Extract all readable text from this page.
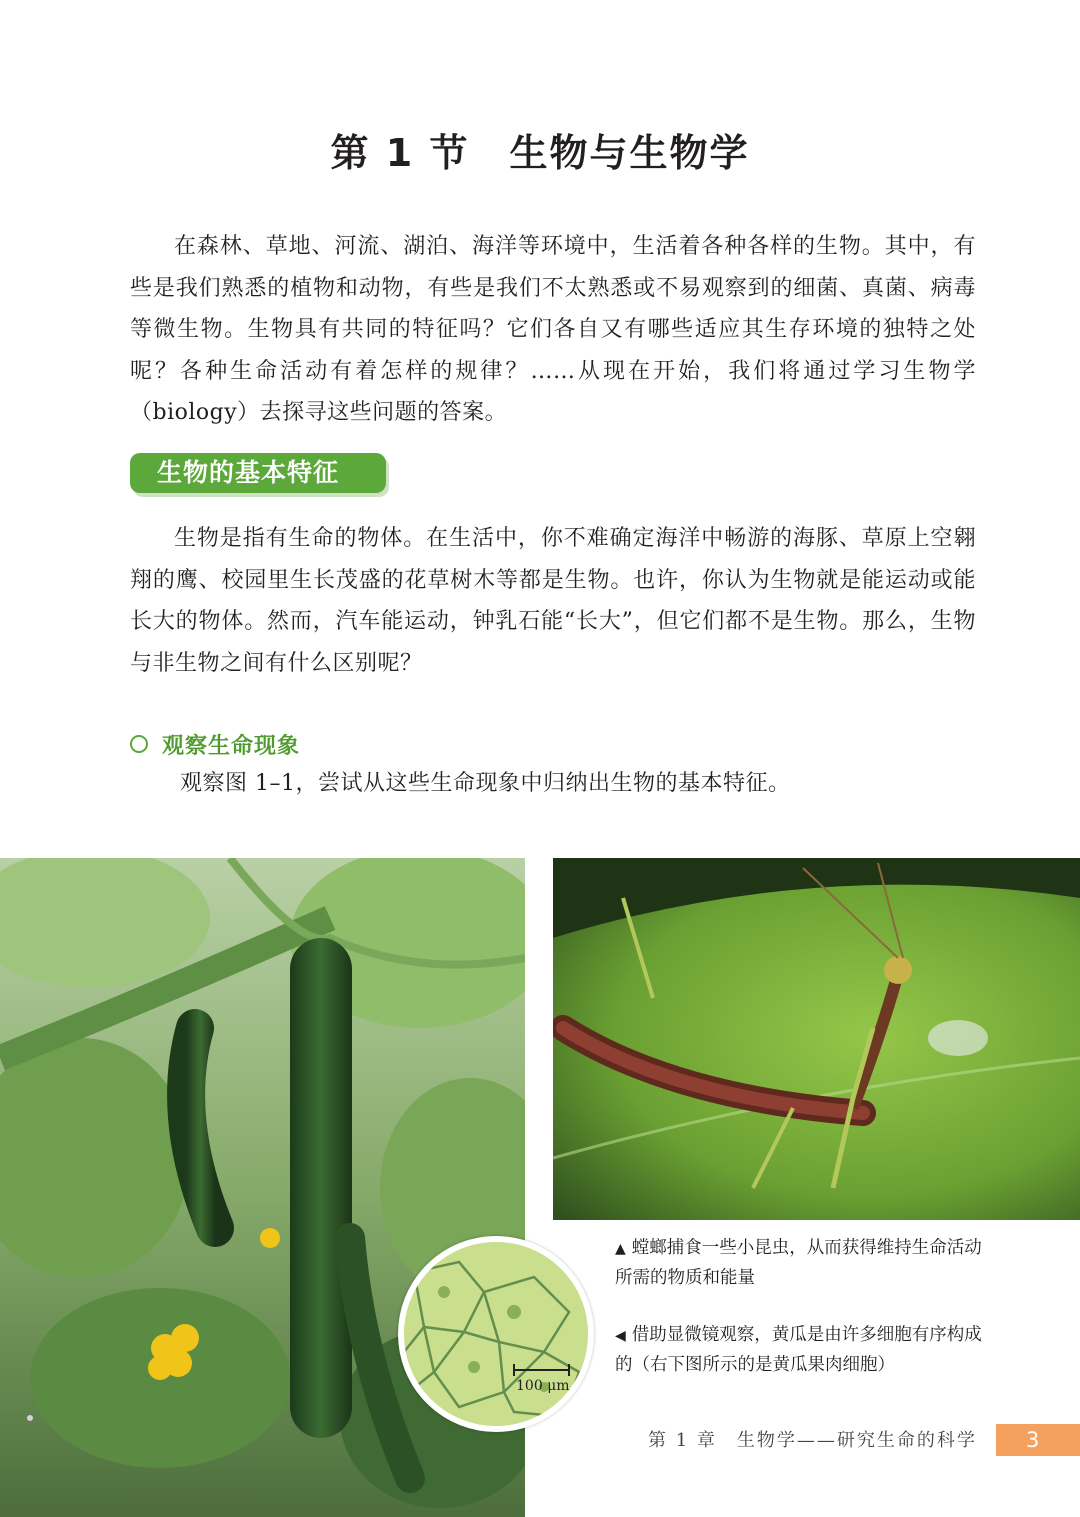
第 1 节　生物与生物学

在森林、草地、河流、湖泊、海洋等环境中，生活着各种各样的生物。其中，有些是我们熟悉的植物和动物，有些是我们不太熟悉或不易观察到的细菌、真菌、病毒等微生物。生物具有共同的特征吗？它们各自又有哪些适应其生存环境的独特之处呢？各种生命活动有着怎样的规律？……从现在开始，我们将通过学习生物学（biology）去探寻这些问题的答案。

生物的基本特征

生物是指有生命的物体。在生活中，你不难确定海洋中畅游的海豚、草原上空翱翔的鹰、校园里生长茂盛的花草树木等都是生物。也许，你认为生物就是能运动或能长大的物体。然而，汽车能运动，钟乳石能“长大”，但它们都不是生物。那么，生物与非生物之间有什么区别呢？

观察生命现象

观察图 1–1，尝试从这些生命现象中归纳出生物的基本特征。

100 μm

▲ 螳螂捕食一些小昆虫，从而获得维持生命活动所需的物质和能量

◀ 借助显微镜观察，黄瓜是由许多细胞有序构成的（右下图所示的是黄瓜果肉细胞）

第 1 章　生物学——研究生命的科学	3
